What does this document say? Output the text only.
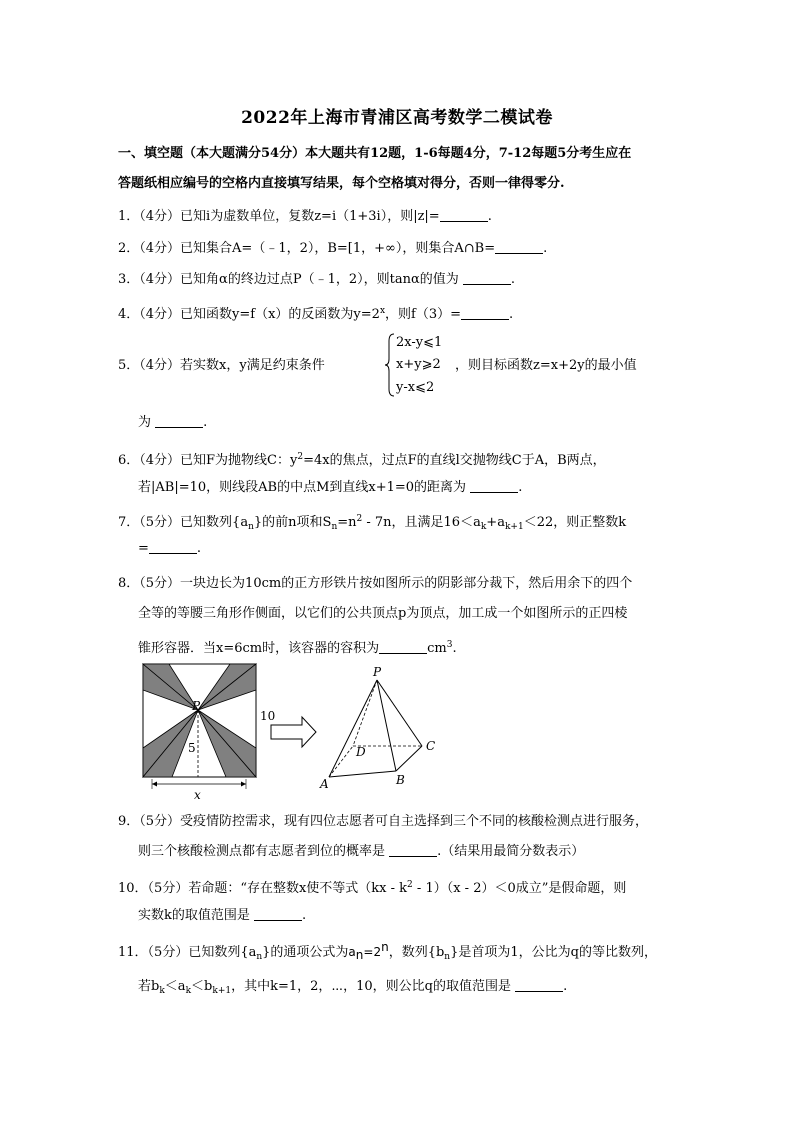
2022年上海市青浦区高考数学二模试卷
一、填空题（本大题满分54分）本大题共有12题，1-6每题4分，7-12每题5分考生应在
答题纸相应编号的空格内直接填写结果，每个空格填对得分，否则一律得零分.
1．（4分）已知i为虚数单位，复数z=i（1+3i），则|z|=	.
2．（4分）已知集合A=（﹣1，2），B=[1，+∞），则集合A∩B=	.
3．（4分）已知角α的终边过点P（﹣1，2），则tanα的值为	.
4．（4分）已知函数y=f（x）的反函数为$y=2^x$，则f（3）=	.
5．（4分）若实数x，y满足约束条件
2x-y⩽1
x+y⩾2
y-x⩽2
，则目标函数z=x+2y的最小值
为	.
6．（4分）已知F为抛物线C：$y^2=4x$的焦点，过点F的直线l交抛物线C于A，B两点，
若|AB|=10，则线段AB的中点M到直线x+1=0的距离为	.
7．（5分）已知数列$\{a_n\}$的前n项和$S_n=n^2 - 7n$，且满足$16<a_k+a_{k+1}<22$，则正整数k
=	.
8．（5分）一块边长为10cm的正方形铁片按如图所示的阴影部分裁下，然后用余下的四个
全等的等腰三角形作侧面，以它们的公共顶点p为顶点，加工成一个如图所示的正四棱
锥形容器．当x=6cm时，该容器的容积为	$cm^3$.
P
10
5
x
P
D	C
A	B
9．（5分）受疫情防控需求，现有四位志愿者可自主选择到三个不同的核酸检测点进行服务，
则三个核酸检测点都有志愿者到位的概率是	.（结果用最简分数表示）
10．（5分）若命题：“存在整数x使不等式$(kx - k^2 - 1)(x - 2)<0$成立”是假命题，则
实数k的取值范围是	.
11．（5分）已知数列$\{a_n\}$的通项公式为an=2n，数列$\{b_n\}$是首项为1，公比为q的等比数列，
若$b_k<a_k<b_{k+1}$，其中k=1，2，⋯，10，则公比q的取值范围是	.
